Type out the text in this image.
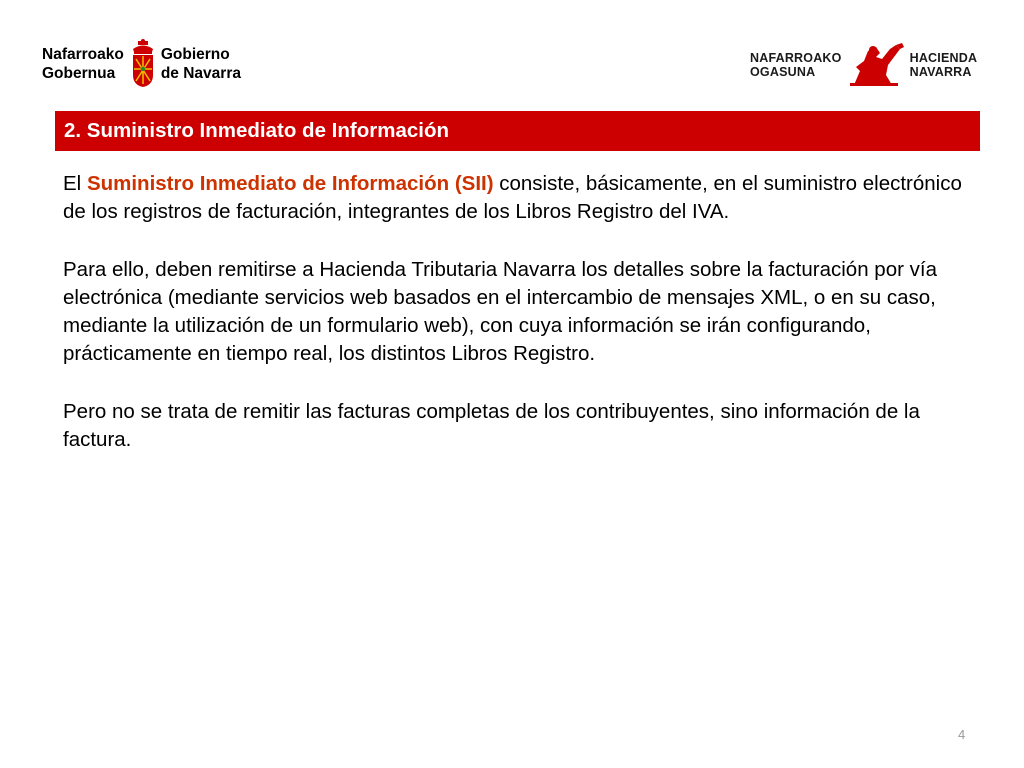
Nafarroako
Gobernua
Gobierno
de Navarra
NAFARROAKO
OGASUNA
HACIENDA
NAVARRA
2. Suministro Inmediato de Información

El Suministro Inmediato de Información (SII) consiste, básicamente, en el suministro electrónico de los registros de facturación, integrantes de los Libros Registro del IVA.

Para ello, deben remitirse a Hacienda Tributaria Navarra los detalles sobre la facturación por vía electrónica (mediante servicios web basados en el intercambio de mensajes XML, o en su caso, mediante la utilización de un formulario web), con cuya información se irán configurando, prácticamente en tiempo real, los distintos Libros Registro.

Pero no se trata de remitir las facturas completas de los contribuyentes, sino información de la factura.

4
